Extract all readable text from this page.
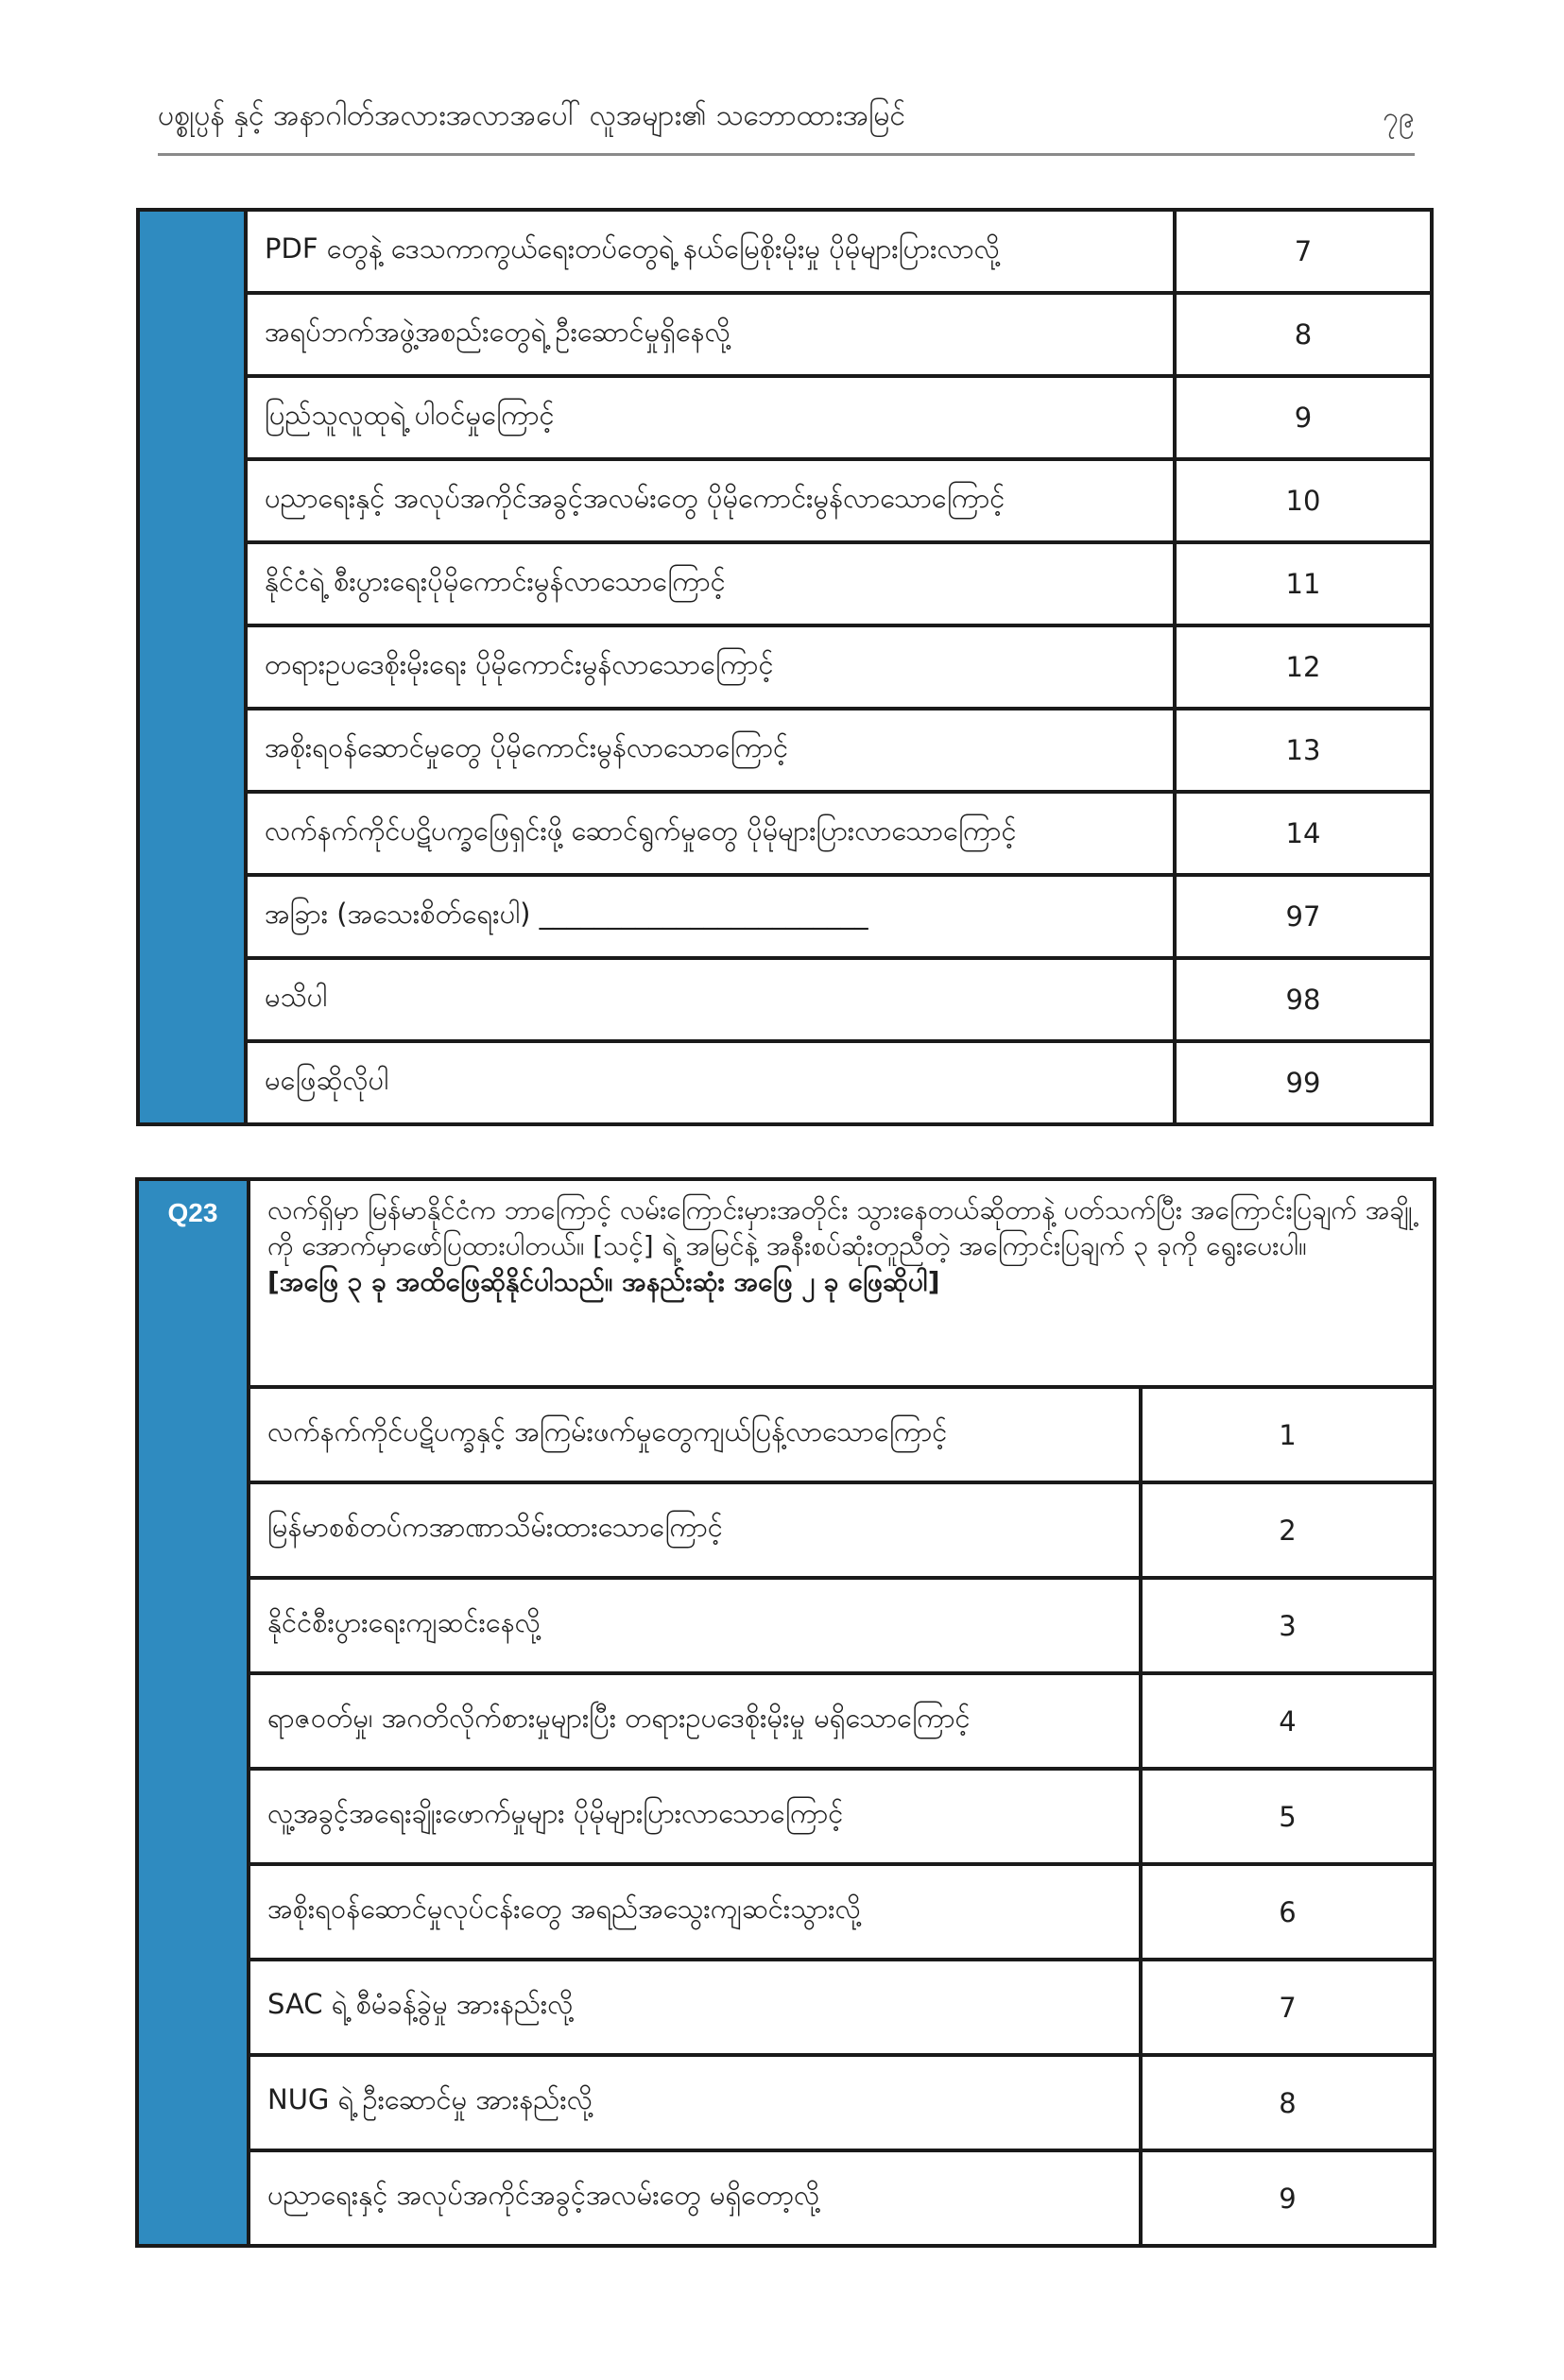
ပစ္စုပ္ပန် နှင့် အနာဂါတ်အလားအလာအပေါ် လူအများ၏ သဘောထားအမြင်	၇၉
PDF တွေနဲ့ ဒေသကာကွယ်ရေးတပ်တွေရဲ့ နယ်မြေစိုးမိုးမှု ပိုမိုများပြားလာလို့	7
အရပ်ဘက်အဖွဲ့အစည်းတွေရဲ့ ဦးဆောင်မှုရှိနေလို့	8
ပြည်သူလူထုရဲ့ ပါဝင်မှုကြောင့်	9
ပညာရေးနှင့် အလုပ်အကိုင်အခွင့်အလမ်းတွေ ပိုမိုကောင်းမွန်လာသောကြောင့်	10
နိုင်ငံရဲ့ စီးပွားရေးပိုမိုကောင်းမွန်လာသောကြောင့်	11
တရားဥပဒေစိုးမိုးရေး ပိုမိုကောင်းမွန်လာသောကြောင့်	12
အစိုးရဝန်ဆောင်မှုတွေ ပိုမိုကောင်းမွန်လာသောကြောင့်	13
လက်နက်ကိုင်ပဋိပက္ခဖြေရှင်းဖို့ ဆောင်ရွက်မှုတွေ ပိုမိုများပြားလာသောကြောင့်	14
အခြား (အသေးစိတ်ရေးပါ) ________________________	97
မသိပါ	98
မဖြေဆိုလိုပါ	99
Q23	လက်ရှိမှာ မြန်မာနိုင်ငံက ဘာကြောင့် လမ်းကြောင်းမှားအတိုင်း သွားနေတယ်ဆိုတာနဲ့ ပတ်သက်ပြီး အကြောင်းပြချက် အချို့ကို အောက်မှာဖော်ပြထားပါတယ်။ [သင့်] ရဲ့ အမြင်နဲ့ အနီးစပ်ဆုံးတူညီတဲ့ အကြောင်းပြချက် ၃ ခုကို ရွေးပေးပါ။
[အဖြေ ၃ ခု အထိဖြေဆိုနိုင်ပါသည်။ အနည်းဆုံး အဖြေ ၂ ခု ဖြေဆိုပါ]
လက်နက်ကိုင်ပဋိပက္ခနှင့် အကြမ်းဖက်မှုတွေကျယ်ပြန့်လာသောကြောင့်	1
မြန်မာစစ်တပ်ကအာဏာသိမ်းထားသောကြောင့်	2
နိုင်ငံစီးပွားရေးကျဆင်းနေလို့	3
ရာဇဝတ်မှု၊ အဂတိလိုက်စားမှုများပြီး တရားဥပဒေစိုးမိုးမှု မရှိသောကြောင့်	4
လူ့အခွင့်အရေးချိုးဖောက်မှုများ ပိုမိုများပြားလာသောကြောင့်	5
အစိုးရဝန်ဆောင်မှုလုပ်ငန်းတွေ အရည်အသွေးကျဆင်းသွားလို့	6
SAC ရဲ့ စီမံခန့်ခွဲမှု အားနည်းလို့	7
NUG ရဲ့ ဦးဆောင်မှု အားနည်းလို့	8
ပညာရေးနှင့် အလုပ်အကိုင်အခွင့်အလမ်းတွေ မရှိတော့လို့	9
